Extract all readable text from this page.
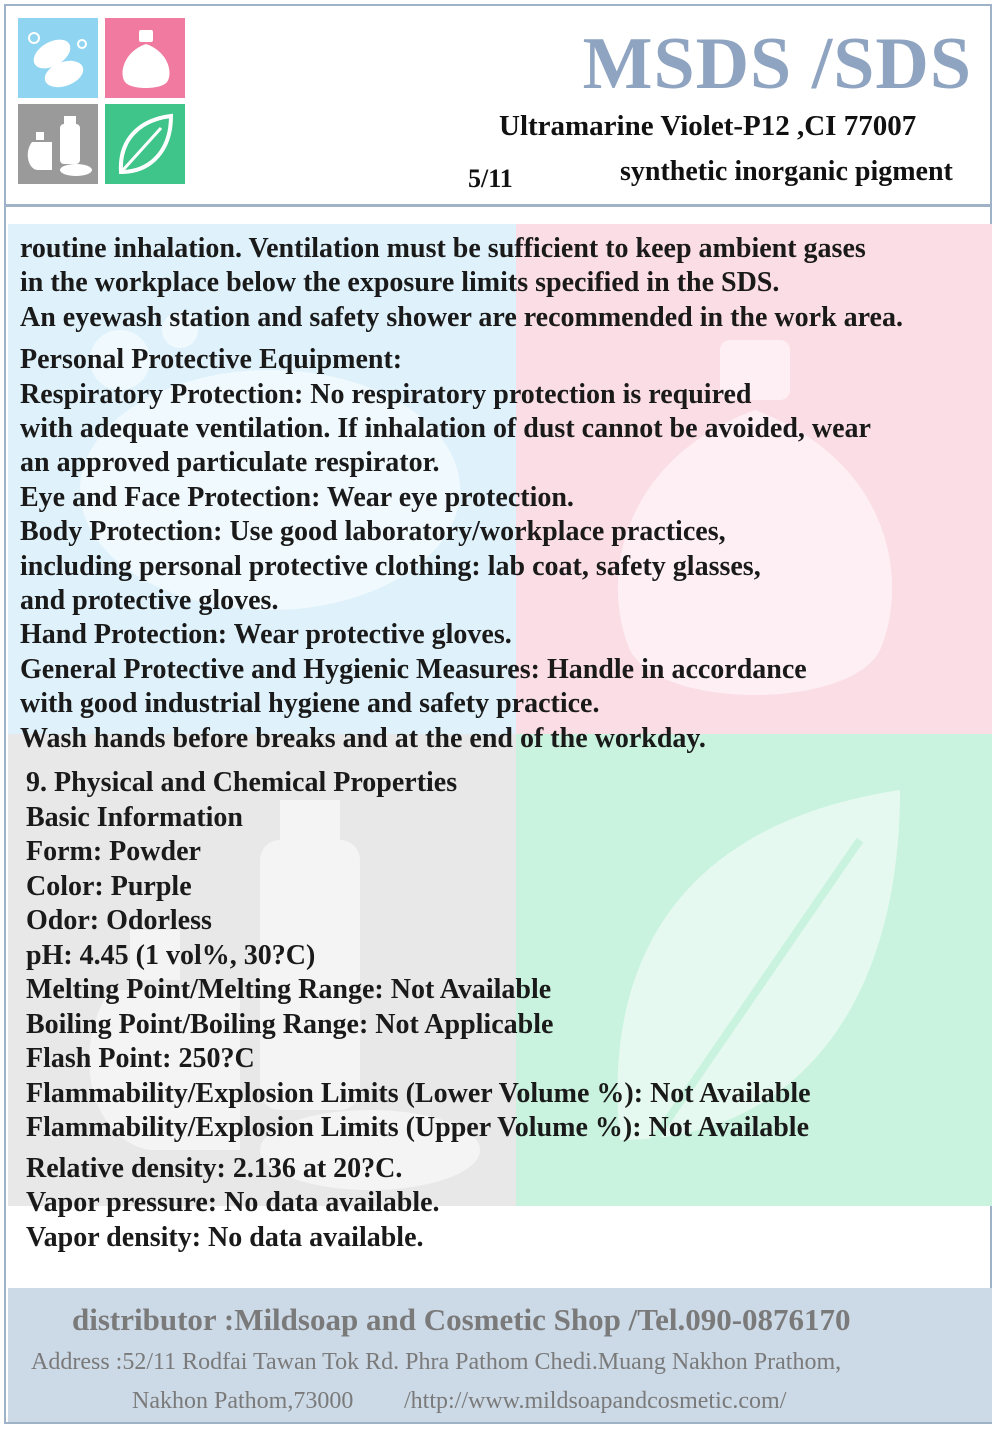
MSDS /SDS
Ultramarine Violet-P12 ,CI 77007
5/11	synthetic inorganic pigment
routine inhalation. Ventilation must be sufficient to keep ambient gases
in the workplace below the exposure limits specified in the SDS.
An eyewash station and safety shower are recommended in the work area.
Personal Protective Equipment:
Respiratory Protection: No respiratory protection is required
with adequate ventilation. If inhalation of dust cannot be avoided, wear
an approved particulate respirator.
Eye and Face Protection: Wear eye protection.
Body Protection: Use good laboratory/workplace practices,
including personal protective clothing: lab coat, safety glasses,
and protective gloves.
Hand Protection: Wear protective gloves.
General Protective and Hygienic Measures: Handle in accordance
with good industrial hygiene and safety practice.
Wash hands before breaks and at the end of the workday.
9. Physical and Chemical Properties
Basic Information
Form: Powder
Color: Purple
Odor: Odorless
pH: 4.45 (1 vol%, 30?C)
Melting Point/Melting Range: Not Available
Boiling Point/Boiling Range: Not Applicable
Flash Point: 250?C
Flammability/Explosion Limits (Lower Volume %): Not Available
Flammability/Explosion Limits (Upper Volume %): Not Available
Relative density: 2.136 at 20?C.
Vapor pressure: No data available.
Vapor density: No data available.
distributor :Mildsoap and Cosmetic Shop /Tel.090-0876170
Address :52/11 Rodfai Tawan Tok Rd. Phra Pathom Chedi.Muang Nakhon Prathom,
Nakhon Pathom,73000 /http://www.mildsoapandcosmetic.com/
